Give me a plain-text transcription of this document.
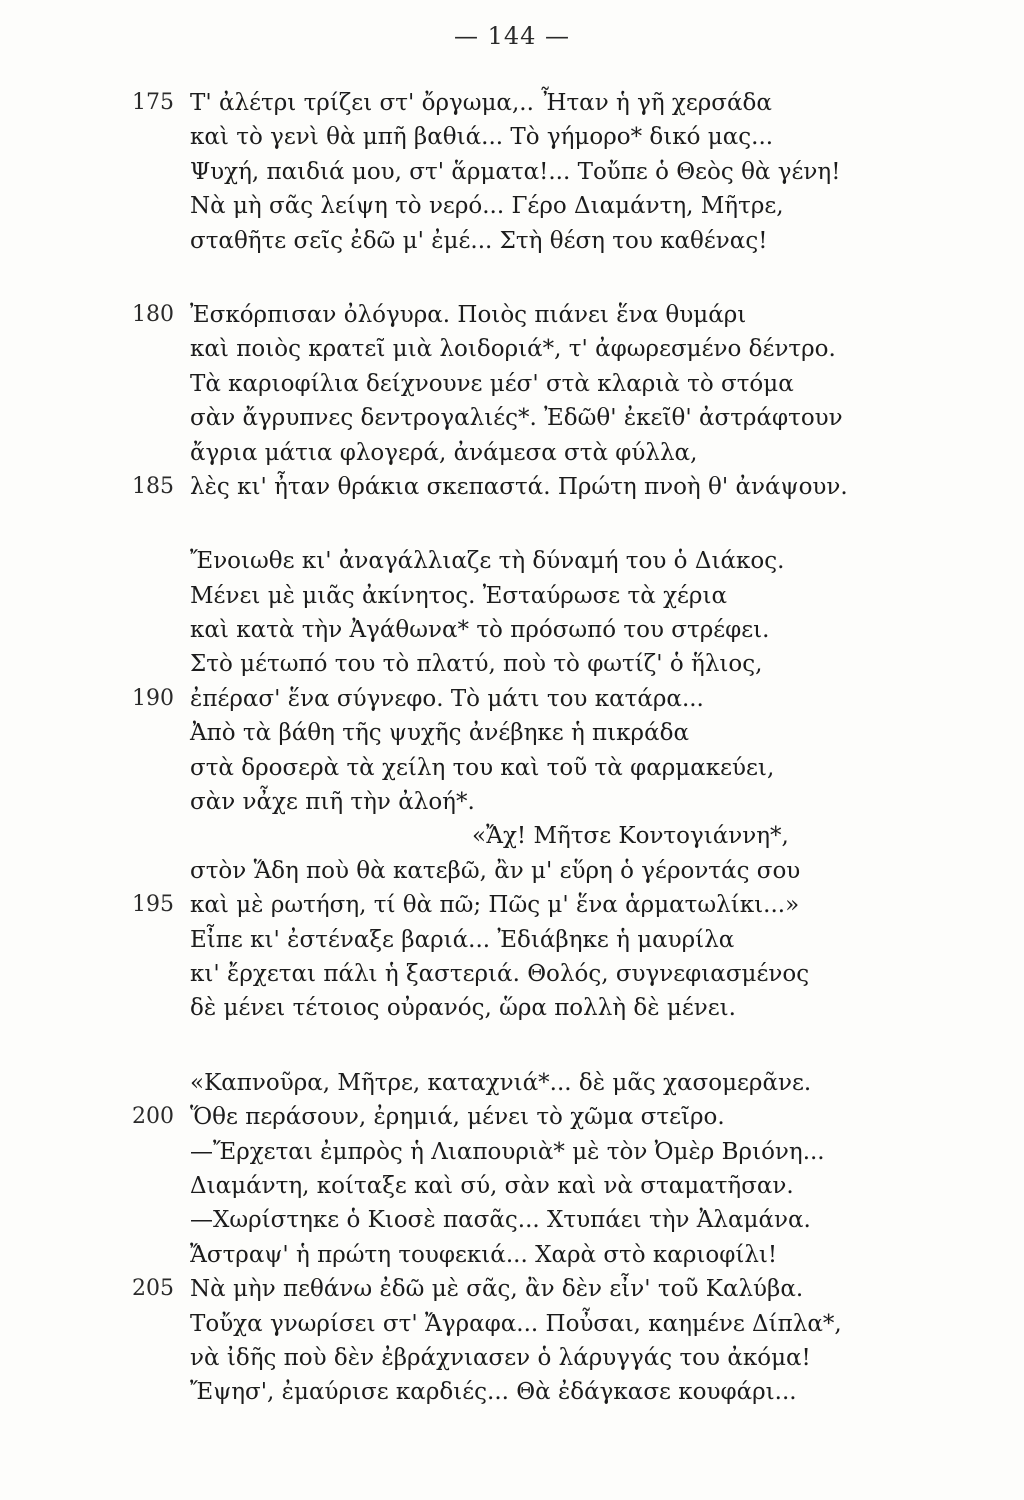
— 144 —
175 Τ' ἀλέτρι τρίζει στ' ὄργωμα,.. Ἦταν ἡ γῆ χερσάδα
καὶ τὸ γενὶ θὰ μπῆ βαθιά... Τὸ γήμορο* δικό μας...
Ψυχή, παιδιά μου, στ' ἅρματα!... Τοὔπε ὁ Θεὸς θὰ γένη!
Νὰ μὴ σᾶς λείψη τὸ νερό... Γέρο Διαμάντη, Μῆτρε,
σταθῆτε σεῖς ἐδῶ μ' ἐμέ... Στὴ θέση του καθένας!
180 Ἐσκόρπισαν ὀλόγυρα. Ποιὸς πιάνει ἕνα θυμάρι
καὶ ποιὸς κρατεῖ μιὰ λοιδοριά*, τ' ἀφωρεσμένο δέντρο.
Τὰ καριοφίλια δείχνουνε μέσ' στὰ κλαριὰ τὸ στόμα
σὰν ἄγρυπνες δεντρογαλιές*. Ἐδῶθ' ἐκεῖθ' ἀστράφτουν
ἄγρια μάτια φλογερά, ἀνάμεσα στὰ φύλλα,
185 λὲς κι' ἦταν θράκια σκεπαστά. Πρώτη πνοὴ θ' ἀνάψουν.
Ἔνοιωθε κι' ἀναγάλλιαζε τὴ δύναμή του ὁ Διάκος.
Μένει μὲ μιᾶς ἀκίνητος. Ἐσταύρωσε τὰ χέρια
καὶ κατὰ τὴν Ἀγάθωνα* τὸ πρόσωπό του στρέφει.
Στὸ μέτωπό του τὸ πλατύ, ποὺ τὸ φωτίζ' ὁ ἥλιος,
190 ἐπέρασ' ἕνα σύγνεφο. Τὸ μάτι του κατάρα...
Ἀπὸ τὰ βάθη τῆς ψυχῆς ἀνέβηκε ἡ πικράδα
στὰ δροσερὰ τὰ χείλη του καὶ τοῦ τὰ φαρμακεύει,
σὰν νἆχε πιῆ τὴν ἀλοή*.
«Ἄχ! Μῆτσε Κοντογιάννη*,
στὸν Ἅδη ποὺ θὰ κατεβῶ, ἂν μ' εὕρη ὁ γέροντάς σου
195 καὶ μὲ ρωτήση, τί θὰ πῶ; Πῶς μ' ἕνα ἁρματωλίκι...»
Εἶπε κι' ἐστέναξε βαριά... Ἐδιάβηκε ἡ μαυρίλα
κι' ἔρχεται πάλι ἡ ξαστεριά. Θολός, συγνεφιασμένος
δὲ μένει τέτοιος οὐρανός, ὥρα πολλὴ δὲ μένει.
«Καπνοῦρα, Μῆτρε, καταχνιά*... δὲ μᾶς χασομερᾶνε.
200 Ὅθε περάσουν, ἐρημιά, μένει τὸ χῶμα στεῖρο.
—Ἔρχεται ἐμπρὸς ἡ Λιαπουριὰ* μὲ τὸν Ὀμὲρ Βριόνη...
Διαμάντη, κοίταξε καὶ σύ, σὰν καὶ νὰ σταματῆσαν.
—Χωρίστηκε ὁ Κιοσὲ πασᾶς... Χτυπάει τὴν Ἀλαμάνα.
Ἄστραψ' ἡ πρώτη τουφεκιά... Χαρὰ στὸ καριοφίλι!
205 Νὰ μὴν πεθάνω ἐδῶ μὲ σᾶς, ἂν δὲν εἶν' τοῦ Καλύβα.
Τοὔχα γνωρίσει στ' Ἄγραφα... Ποὖσαι, καημένε Δίπλα*,
νὰ ἰδῆς ποὺ δὲν ἐβράχνιασεν ὁ λάρυγγάς του ἀκόμα!
Ἔψησ', ἐμαύρισε καρδιές... Θὰ ἐδάγκασε κουφάρι...
